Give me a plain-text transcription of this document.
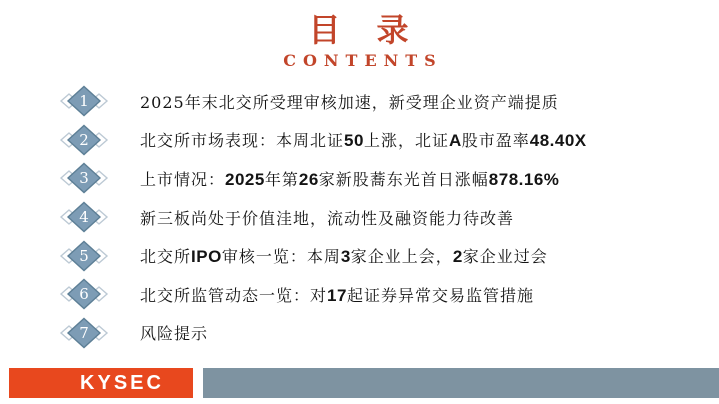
目　录
CONTENTS
1	2025年末北交所受理审核加速，新受理企业资产端提质
2	北交所市场表现：本周北证50上涨，北证A股市盈率48.40X
3	上市情况：2025年第26家新股蕎东光首日涨幅878.16%
4	新三板尚处于价值洼地，流动性及融资能力待改善
5	北交所IPO审核一览：本周3家企业上会，2家企业过会
6	北交所监管动态一览：对17起证券异常交易监管措施
7	风险提示
KYSEC
